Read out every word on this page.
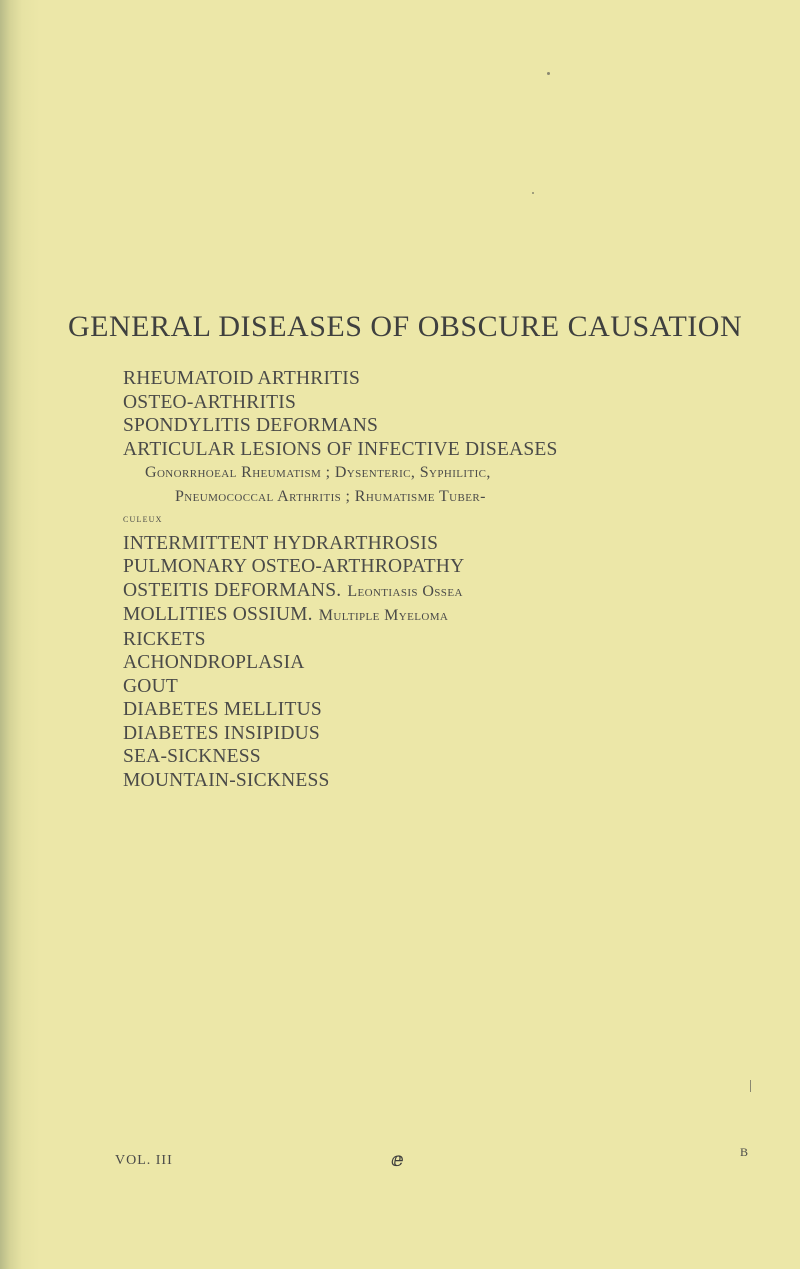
GENERAL DISEASES OF OBSCURE CAUSATION
RHEUMATOID ARTHRITIS
OSTEO-ARTHRITIS
SPONDYLITIS DEFORMANS
ARTICULAR LESIONS OF INFECTIVE DISEASES
Gonorrhoeal Rheumatism ; Dysenteric, Syphilitic,
Pneumococcal Arthritis ; Rhumatisme Tuber-
culeux
INTERMITTENT HYDRARTHROSIS
PULMONARY OSTEO-ARTHROPATHY
OSTEITIS DEFORMANS. Leontiasis Ossea
MOLLITIES OSSIUM. Multiple Myeloma
RICKETS
ACHONDROPLASIA
GOUT
DIABETES MELLITUS
DIABETES INSIPIDUS
SEA-SICKNESS
MOUNTAIN-SICKNESS
VOL. III	ⅇ	B
